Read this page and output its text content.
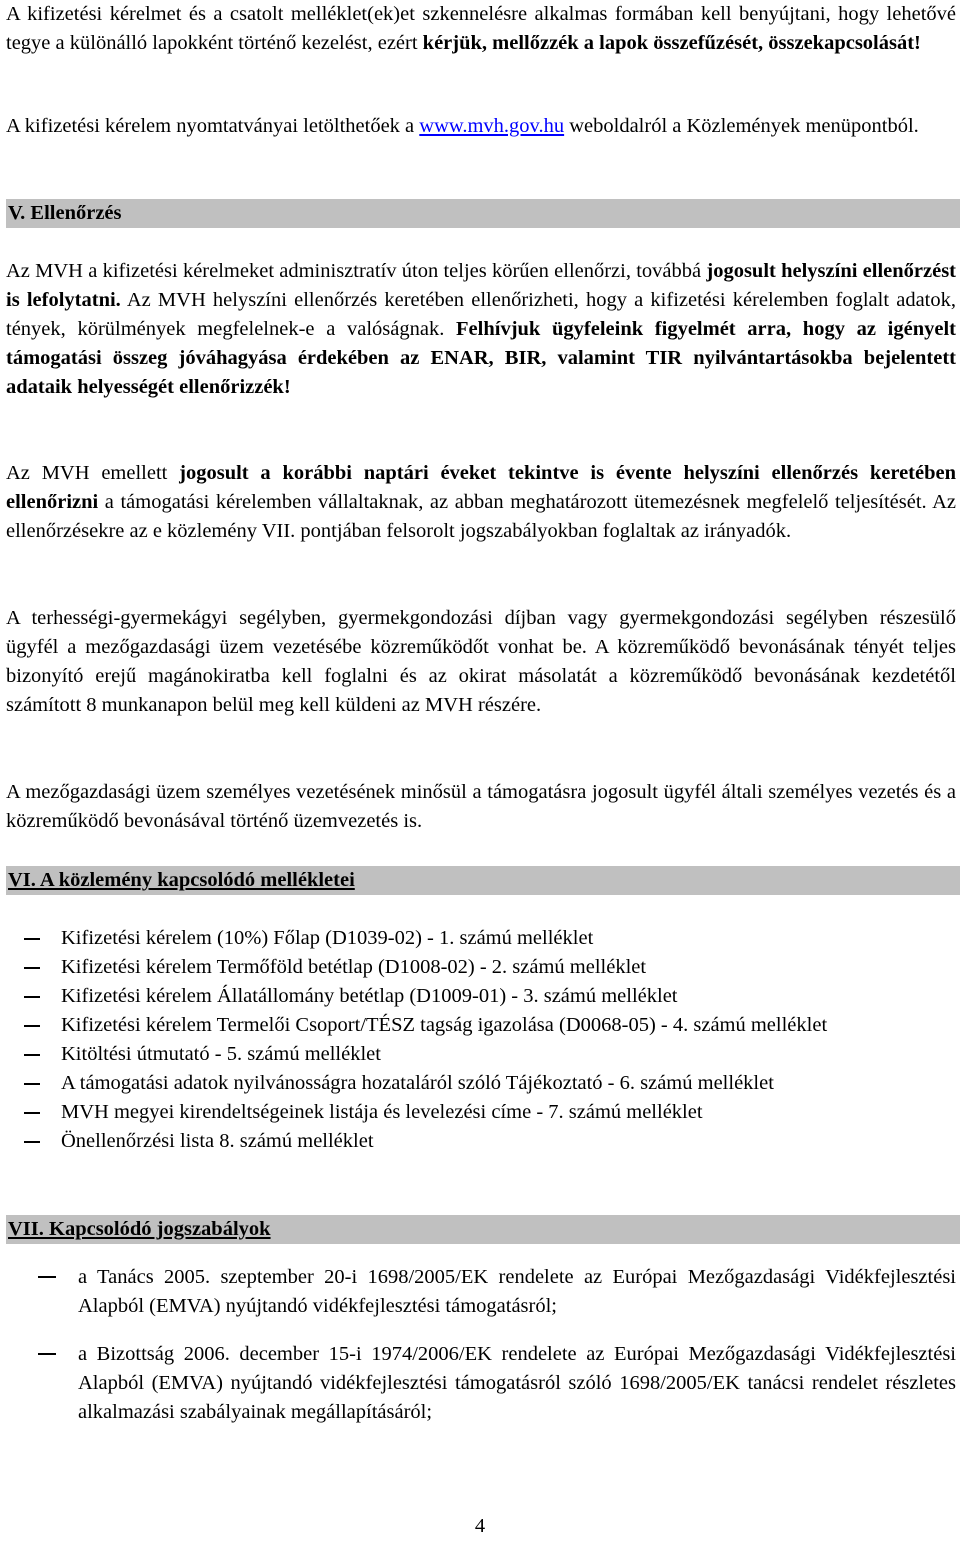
A kifizetési kérelmet és a csatolt melléklet(ek)et szkennelésre alkalmas formában kell benyújtani, hogy lehetővé tegye a különálló lapokként történő kezelést, ezért kérjük, mellőzzék a lapok összefűzését, összekapcsolását!

A kifizetési kérelem nyomtatványai letölthetőek a www.mvh.gov.hu weboldalról a Közlemények menüpontból.

V. Ellenőrzés

Az MVH a kifizetési kérelmeket adminisztratív úton teljes körűen ellenőrzi, továbbá jogosult helyszíni ellenőrzést is lefolytatni. Az MVH helyszíni ellenőrzés keretében ellenőrizheti, hogy a kifizetési kérelemben foglalt adatok, tények, körülmények megfelelnek-e a valóságnak. Felhívjuk ügyfeleink figyelmét arra, hogy az igényelt támogatási összeg jóváhagyása érdekében az ENAR, BIR, valamint TIR nyilvántartásokba bejelentett adataik helyességét ellenőrizzék!

Az MVH emellett jogosult a korábbi naptári éveket tekintve is évente helyszíni ellenőrzés keretében ellenőrizni a támogatási kérelemben vállaltaknak, az abban meghatározott ütemezésnek megfelelő teljesítését. Az ellenőrzésekre az e közlemény VII. pontjában felsorolt jogszabályokban foglaltak az irányadók.

A terhességi-gyermekágyi segélyben, gyermekgondozási díjban vagy gyermekgondozási segélyben részesülő ügyfél a mezőgazdasági üzem vezetésébe közreműködőt vonhat be. A közreműködő bevonásának tényét teljes bizonyító erejű magánokiratba kell foglalni és az okirat másolatát a közreműködő bevonásának kezdetétől számított 8 munkanapon belül meg kell küldeni az MVH részére.

A mezőgazdasági üzem személyes vezetésének minősül a támogatásra jogosult ügyfél általi személyes vezetés és a közreműködő bevonásával történő üzemvezetés is.

VI. A közlemény kapcsolódó mellékletei
Kifizetési kérelem (10%) Főlap (D1039-02) - 1. számú melléklet
Kifizetési kérelem Termőföld betétlap (D1008-02) - 2. számú melléklet
Kifizetési kérelem Állatállomány betétlap (D1009-01) - 3. számú melléklet
Kifizetési kérelem Termelői Csoport/TÉSZ tagság igazolása (D0068-05) - 4. számú melléklet
Kitöltési útmutató - 5. számú melléklet
A támogatási adatok nyilvánosságra hozataláról szóló Tájékoztató - 6. számú melléklet
MVH megyei kirendeltségeinek listája és levelezési címe - 7. számú melléklet
Önellenőrzési lista 8. számú melléklet
VII. Kapcsolódó jogszabályok
a Tanács 2005. szeptember 20-i 1698/2005/EK rendelete az Európai Mezőgazdasági Vidékfejlesztési Alapból (EMVA) nyújtandó vidékfejlesztési támogatásról;
a Bizottság 2006. december 15-i 1974/2006/EK rendelete az Európai Mezőgazdasági Vidékfejlesztési Alapból (EMVA) nyújtandó vidékfejlesztési támogatásról szóló 1698/2005/EK tanácsi rendelet részletes alkalmazási szabályainak megállapításáról;
4
